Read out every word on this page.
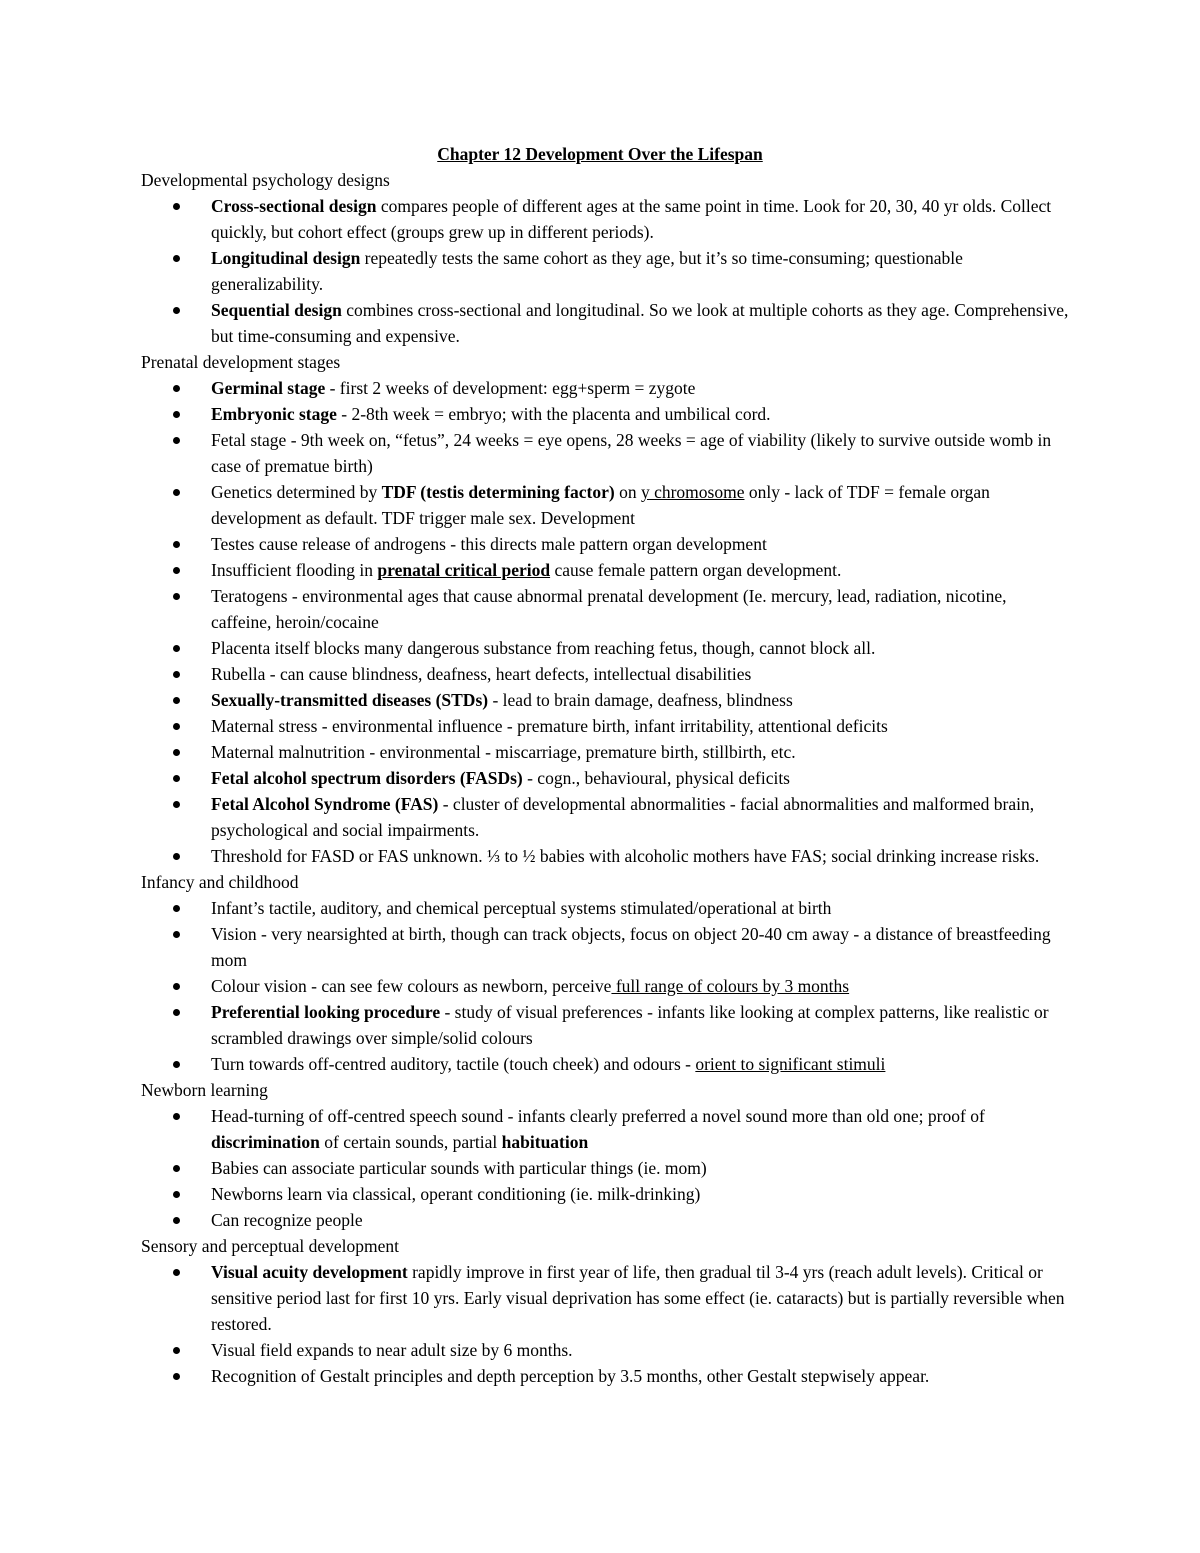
Chapter 12 Development Over the Lifespan
Developmental psychology designs
Cross-sectional design compares people of different ages at the same point in time. Look for 20, 30, 40 yr olds. Collect quickly, but cohort effect (groups grew up in different periods).
Longitudinal design repeatedly tests the same cohort as they age, but it’s so time-consuming; questionable generalizability.
Sequential design combines cross-sectional and longitudinal. So we look at multiple cohorts as they age. Comprehensive, but time-consuming and expensive.
Prenatal development stages
Germinal stage - first 2 weeks of development: egg+sperm = zygote
Embryonic stage - 2-8th week = embryo; with the placenta and umbilical cord.
Fetal stage - 9th week on, “fetus”, 24 weeks = eye opens, 28 weeks = age of viability (likely to survive outside womb in case of prematue birth)
Genetics determined by TDF (testis determining factor) on y chromosome only - lack of TDF = female organ development as default. TDF trigger male sex. Development
Testes cause release of androgens - this directs male pattern organ development
Insufficient flooding in prenatal critical period cause female pattern organ development.
Teratogens - environmental ages that cause abnormal prenatal development (Ie. mercury, lead, radiation, nicotine, caffeine, heroin/cocaine
Placenta itself blocks many dangerous substance from reaching fetus, though, cannot block all.
Rubella - can cause blindness, deafness, heart defects, intellectual disabilities
Sexually-transmitted diseases (STDs) - lead to brain damage, deafness, blindness
Maternal stress - environmental influence - premature birth, infant irritability, attentional deficits
Maternal malnutrition - environmental - miscarriage, premature birth, stillbirth, etc.
Fetal alcohol spectrum disorders (FASDs) - cogn., behavioural, physical deficits
Fetal Alcohol Syndrome (FAS) - cluster of developmental abnormalities - facial abnormalities and malformed brain, psychological and social impairments.
Threshold for FASD or FAS unknown. ⅓ to ½ babies with alcoholic mothers have FAS; social drinking increase risks.
Infancy and childhood
Infant’s tactile, auditory, and chemical perceptual systems stimulated/operational at birth
Vision - very nearsighted at birth, though can track objects, focus on object 20-40 cm away - a distance of breastfeeding mom
Colour vision - can see few colours as newborn, perceive full range of colours by 3 months
Preferential looking procedure - study of visual preferences - infants like looking at complex patterns, like realistic or scrambled drawings over simple/solid colours
Turn towards off-centred auditory, tactile (touch cheek) and odours - orient to significant stimuli
Newborn learning
Head-turning of off-centred speech sound - infants clearly preferred a novel sound more than old one; proof of discrimination of certain sounds, partial habituation
Babies can associate particular sounds with particular things (ie. mom)
Newborns learn via classical, operant conditioning (ie. milk-drinking)
Can recognize people
Sensory and perceptual development
Visual acuity development rapidly improve in first year of life, then gradual til 3-4 yrs (reach adult levels). Critical or sensitive period last for first 10 yrs. Early visual deprivation has some effect (ie. cataracts) but is partially reversible when restored.
Visual field expands to near adult size by 6 months.
Recognition of Gestalt principles and depth perception by 3.5 months, other Gestalt stepwisely appear.
